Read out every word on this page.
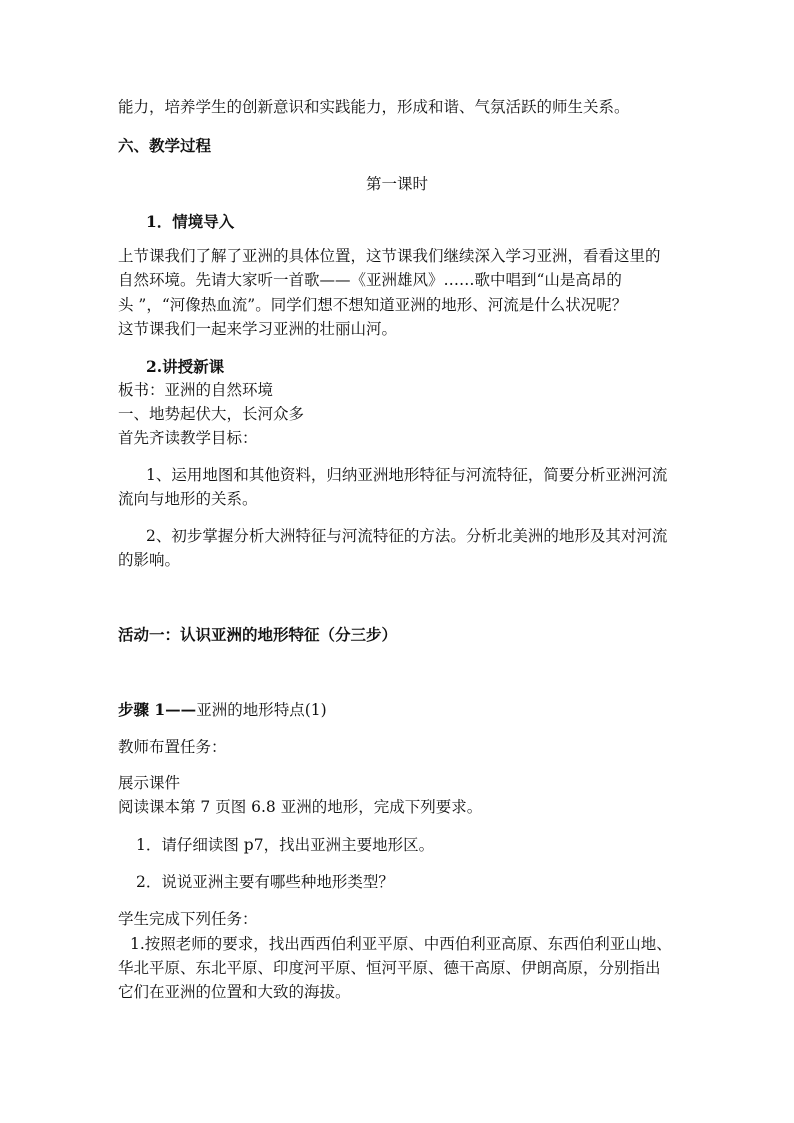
能力，培养学生的创新意识和实践能力，形成和谐、气氛活跃的师生关系。
六、教学过程
第一课时
1．情境导入
上节课我们了解了亚洲的具体位置，这节课我们继续深入学习亚洲，看看这里的
自然环境。先请大家听一首歌——《亚洲雄风》……歌中唱到“山是高昂的
头 ”，“河像热血流”。同学们想不想知道亚洲的地形、河流是什么状况呢？
这节课我们一起来学习亚洲的壮丽山河。
2.讲授新课
板书：亚洲的自然环境
一、地势起伏大，长河众多
首先齐读教学目标：
1、运用地图和其他资料，归纳亚洲地形特征与河流特征，简要分析亚洲河流
流向与地形的关系。
2、初步掌握分析大洲特征与河流特征的方法。分析北美洲的地形及其对河流
的影响。
活动一：认识亚洲的地形特征（分三步）
步骤 1——亚洲的地形特点(1)
教师布置任务：
展示课件
阅读课本第 7 页图 6.8 亚洲的地形，完成下列要求。
1．请仔细读图 p7，找出亚洲主要地形区。
2．说说亚洲主要有哪些种地形类型？
学生完成下列任务：
1.按照老师的要求，找出西西伯利亚平原、中西伯利亚高原、东西伯利亚山地、
华北平原、东北平原、印度河平原、恒河平原、德干高原、伊朗高原，分别指出
它们在亚洲的位置和大致的海拔。
